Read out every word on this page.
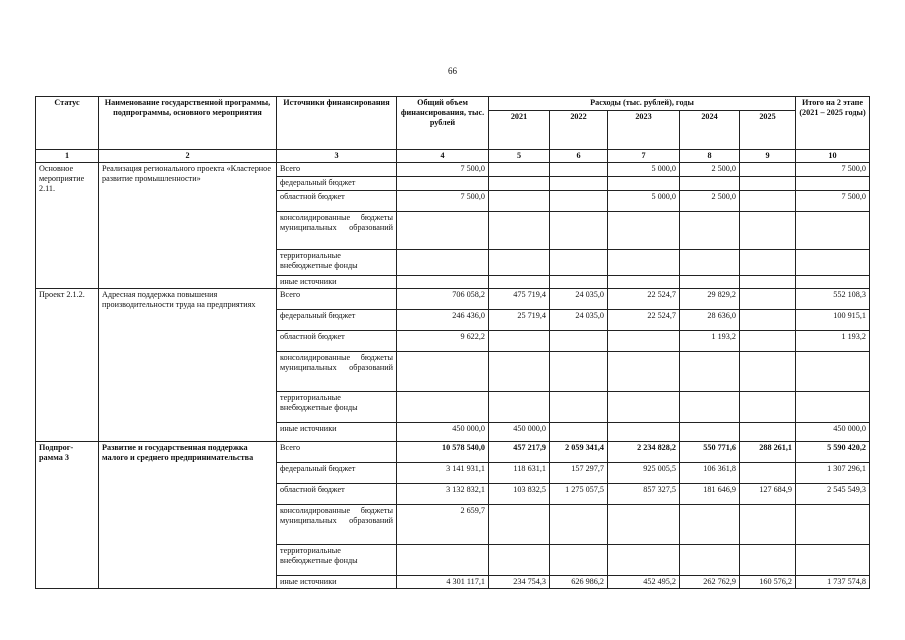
66
Статус	Наименование государственной программы, подпрограммы, основного мероприятия	Источники финансирования	Общий объем финансирования, тыс. рублей	Расходы (тыс. рублей), годы					Итого на 2 этапе (2021 – 2025 годы)
				2021	2022	2023	2024	2025	
1	2	3	4	5	6	7	8	9	10
Основное мероприятие 2.11.	Реализация регионального проекта «Кластерное развитие промышленности»	Всего	7 500,0			5 000,0	2 500,0		7 500,0
		федеральный бюджет							
		областной бюджет	7 500,0			5 000,0	2 500,0		7 500,0
		консолидированные бюджеты муниципальных образований							
		территориальные внебюджетные фонды							
		иные источники							
Проект 2.1.2.	Адресная поддержка повышения производительности труда на предприятиях	Всего	706 058,2	475 719,4	24 035,0	22 524,7	29 829,2		552 108,3
		федеральный бюджет	246 436,0	25 719,4	24 035,0	22 524,7	28 636,0		100 915,1
		областной бюджет	9 622,2				1 193,2		1 193,2
		консолидированные бюджеты муниципальных образований							
		территориальные внебюджетные фонды							
		иные источники	450 000,0	450 000,0					450 000,0
Подпрог-рамма 3	Развитие и государственная поддержка малого и среднего предпринимательства	Всего	10 578 540,0	457 217,9	2 059 341,4	2 234 828,2	550 771,6	288 261,1	5 590 420,2
		федеральный бюджет	3 141 931,1	118 631,1	157 297,7	925 005,5	106 361,8		1 307 296,1
		областной бюджет	3 132 832,1	103 832,5	1 275 057,5	857 327,5	181 646,9	127 684,9	2 545 549,3
		консолидированные бюджеты муниципальных образований	2 659,7						
		территориальные внебюджетные фонды							
		иные источники	4 301 117,1	234 754,3	626 986,2	452 495,2	262 762,9	160 576,2	1 737 574,8
